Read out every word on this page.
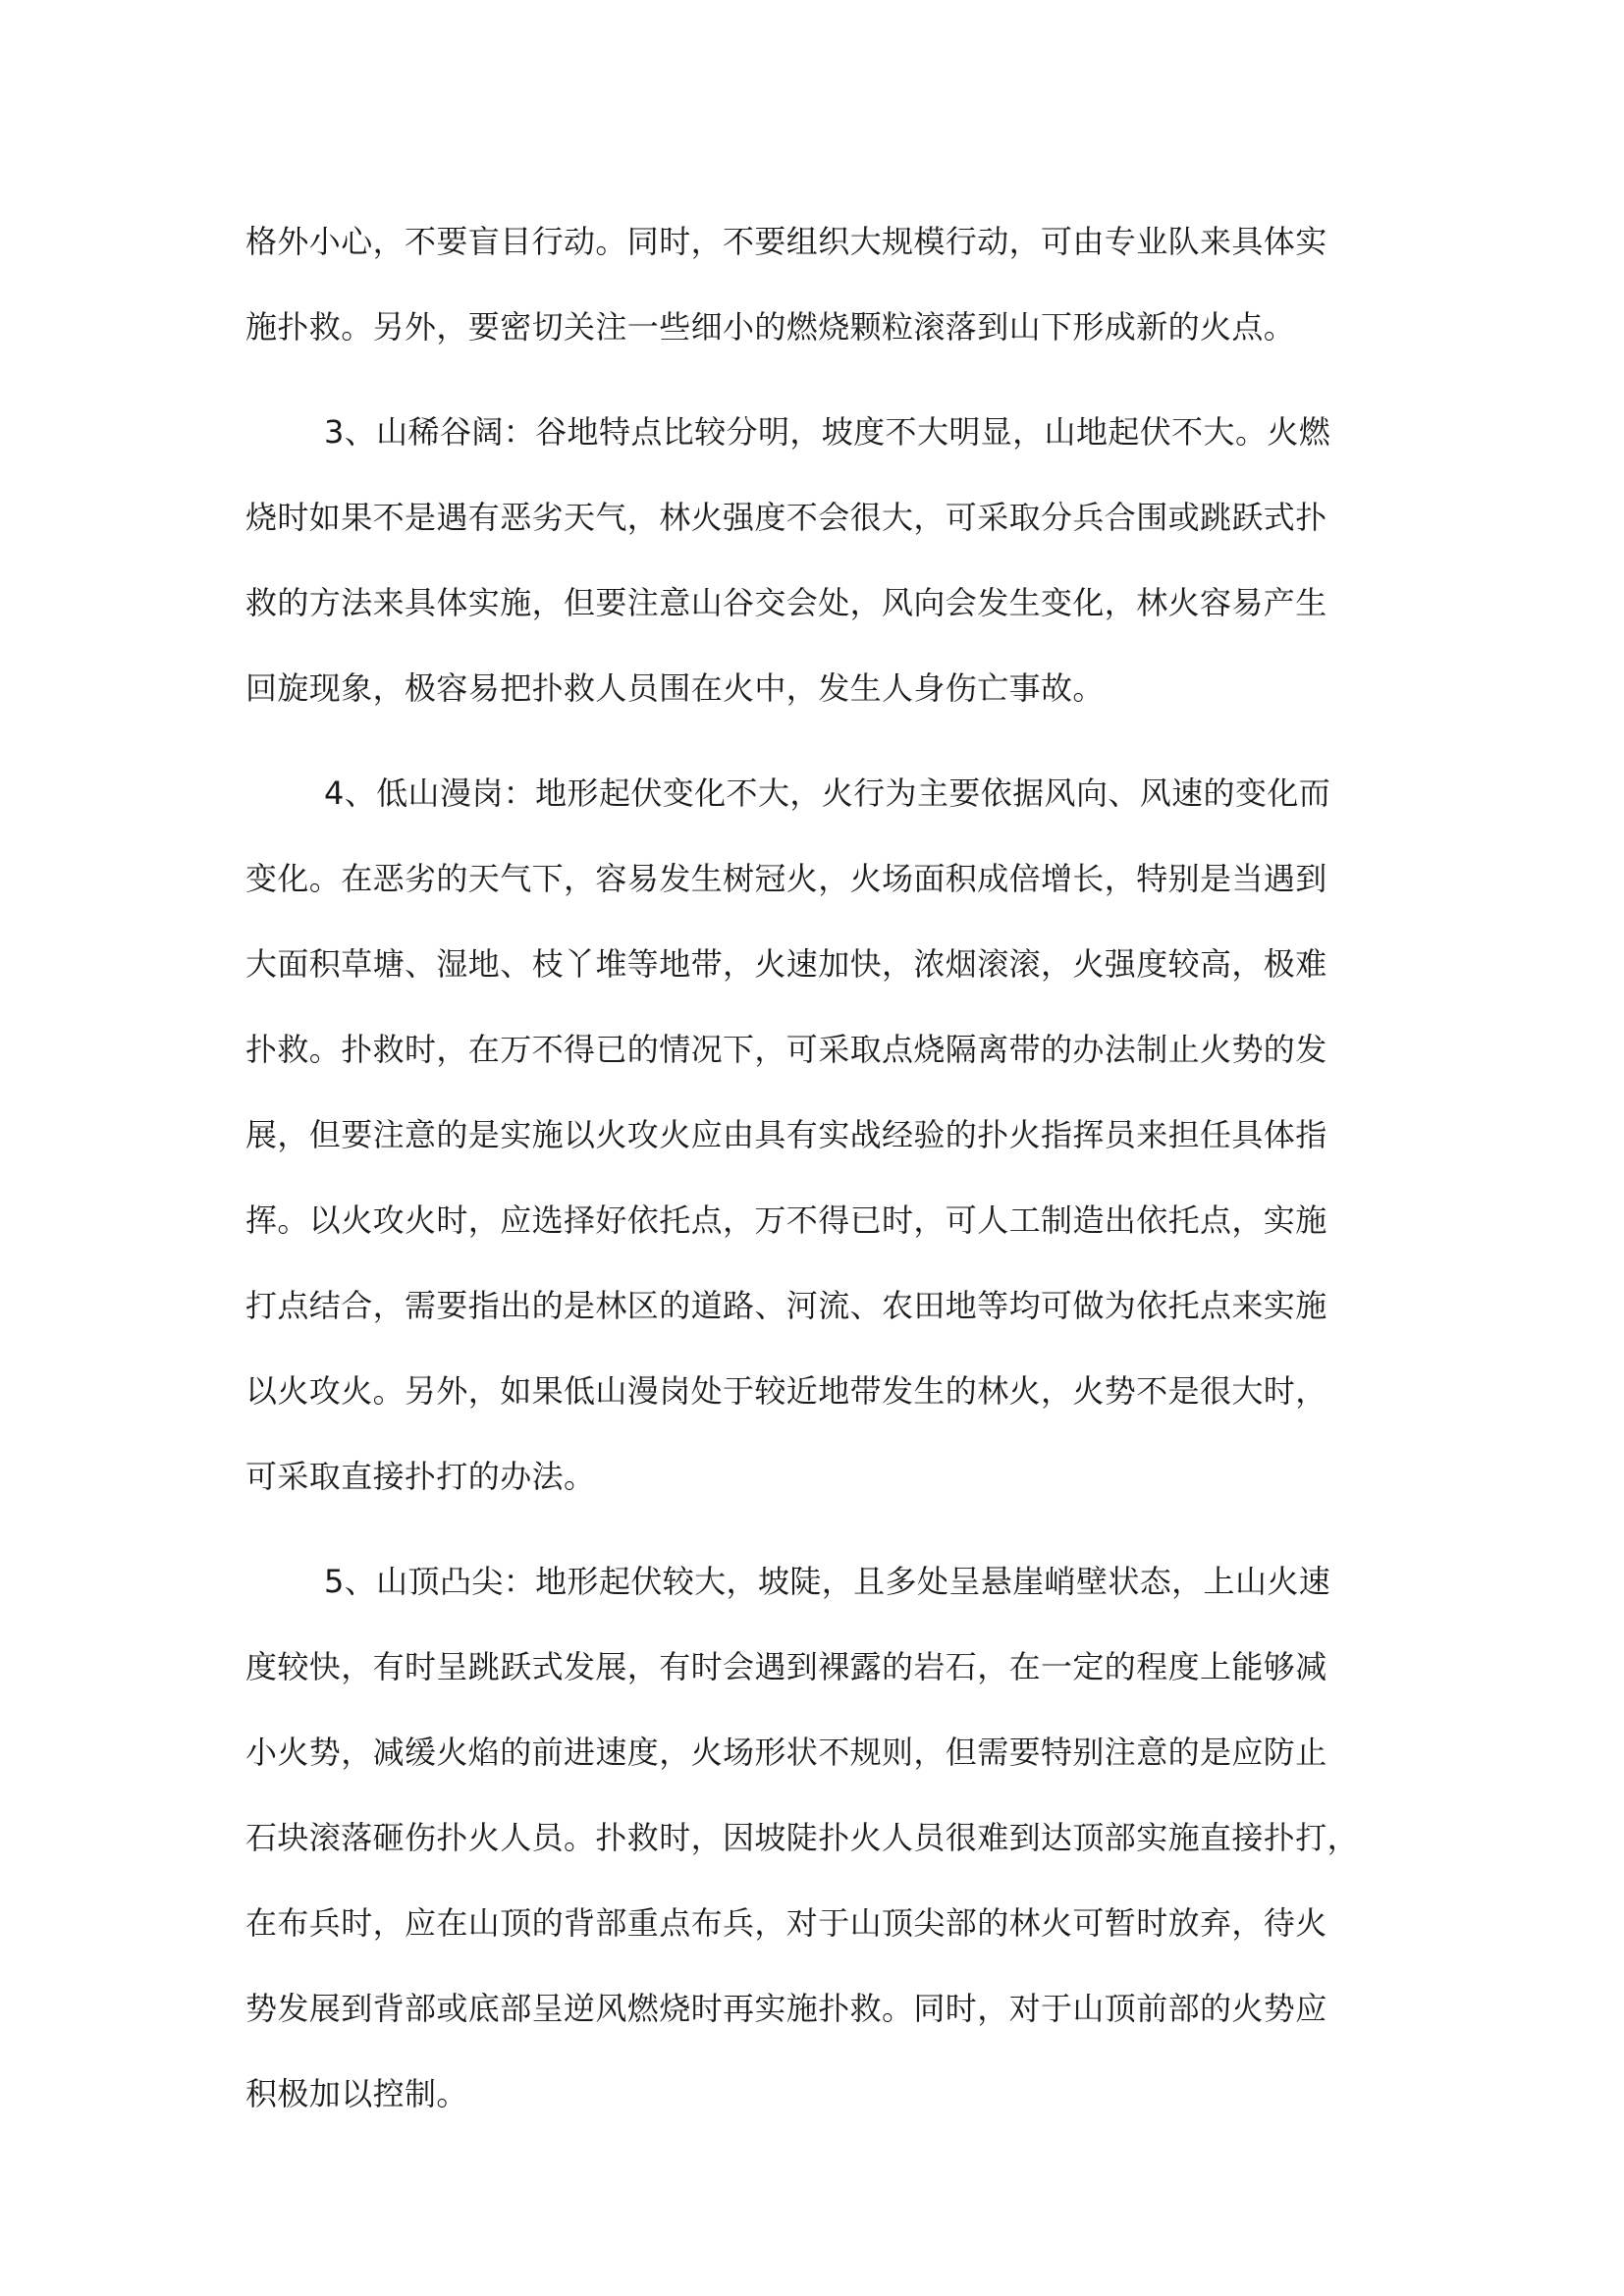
格外小心，不要盲目行动。同时，不要组织大规模行动，可由专业队来具体实
施扑救。另外，要密切关注一些细小的燃烧颗粒滚落到山下形成新的火点。
3、山稀谷阔：谷地特点比较分明，坡度不大明显，山地起伏不大。火燃
烧时如果不是遇有恶劣天气，林火强度不会很大，可采取分兵合围或跳跃式扑
救的方法来具体实施，但要注意山谷交会处，风向会发生变化，林火容易产生
回旋现象，极容易把扑救人员围在火中，发生人身伤亡事故。
4、低山漫岗：地形起伏变化不大，火行为主要依据风向、风速的变化而
变化。在恶劣的天气下，容易发生树冠火，火场面积成倍增长，特别是当遇到
大面积草塘、湿地、枝丫堆等地带，火速加快，浓烟滚滚，火强度较高，极难
扑救。扑救时，在万不得已的情况下，可采取点烧隔离带的办法制止火势的发
展，但要注意的是实施以火攻火应由具有实战经验的扑火指挥员来担任具体指
挥。以火攻火时，应选择好依托点，万不得已时，可人工制造出依托点，实施
打点结合，需要指出的是林区的道路、河流、农田地等均可做为依托点来实施
以火攻火。另外，如果低山漫岗处于较近地带发生的林火，火势不是很大时，
可采取直接扑打的办法。
5、山顶凸尖：地形起伏较大，坡陡，且多处呈悬崖峭壁状态，上山火速
度较快，有时呈跳跃式发展，有时会遇到裸露的岩石，在一定的程度上能够减
小火势，减缓火焰的前进速度，火场形状不规则，但需要特别注意的是应防止
石块滚落砸伤扑火人员。扑救时，因坡陡扑火人员很难到达顶部实施直接扑打，
在布兵时，应在山顶的背部重点布兵，对于山顶尖部的林火可暂时放弃，待火
势发展到背部或底部呈逆风燃烧时再实施扑救。同时，对于山顶前部的火势应
积极加以控制。
